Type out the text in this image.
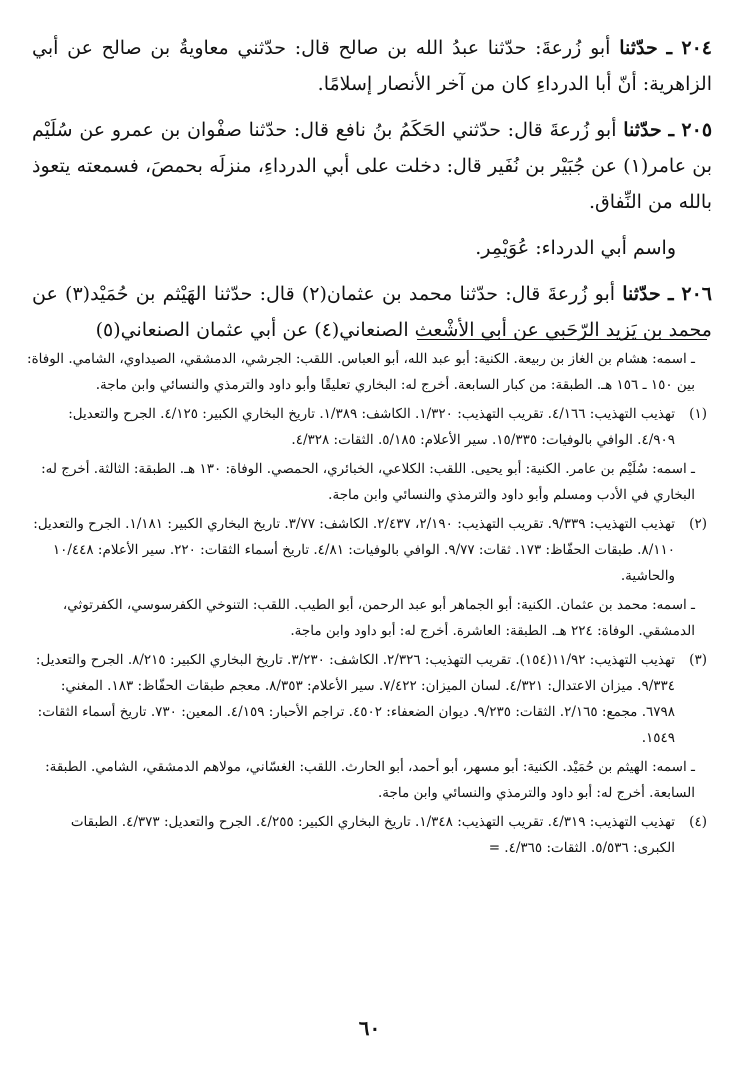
٢٠٤ ـ حدّثنا أبو زُرعةَ: حدّثنا عبدُ الله بن صالح قال: حدّثني معاويةُ بن صالح عن أبي الزاهرية: أنّ أبا الدرداءِ كان من آخر الأنصار إسلامًا.

٢٠٥ ـ حدّثنا أبو زُرعةَ قال: حدّثني الحَكَمُ بنُ نافع قال: حدّثنا صفْوان بن عمرو عن سُلَيْم بن عامر(١) عن جُبَيْر بن نُفَير قال: دخلت على أبي الدرداءِ، منزلَه بحمصَ، فسمعته يتعوذ بالله من النِّفاق.

واسم أبي الدرداء: عُوَيْمِر.

٢٠٦ ـ حدّثنا أبو زُرعةَ قال: حدّثنا محمد بن عثمان(٢) قال: حدّثنا الهَيْثم بن حُمَيْد(٣) عن محمد بن يَزيد الرّحَبي عن أبي الأشْعث الصنعاني(٤) عن أبي عثمان الصنعاني(٥)

ـ اسمه: هشام بن الغاز بن ربيعة. الكنية: أبو عبد الله، أبو العباس. اللقب: الجرشي، الدمشقي، الصيداوي، الشامي. الوفاة: بين ١٥٠ ـ ١٥٦ هـ. الطبقة: من كبار السابعة. أخرج له: البخاري تعليقًا وأبو داود والترمذي والنسائي وابن ماجة.
(١)
تهذيب التهذيب: ٤/١٦٦. تقريب التهذيب: ١/٣٢٠. الكاشف: ١/٣٨٩. تاريخ البخاري الكبير: ٤/١٢٥. الجرح والتعديل: ٤/٩٠٩. الوافي بالوفيات: ١٥/٣٣٥. سير الأعلام: ٥/١٨٥. الثقات: ٤/٣٢٨.
ـ اسمه: سُلَيْم بن عامر. الكنية: أبو يحيى. اللقب: الكلاعي، الخبائري، الحمصي. الوفاة: ١٣٠ هـ. الطبقة: الثالثة. أخرج له: البخاري في الأدب ومسلم وأبو داود والترمذي والنسائي وابن ماجة.
(٢)
تهذيب التهذيب: ٩/٣٣٩. تقريب التهذيب: ٢/١٩٠، ٢/٤٣٧. الكاشف: ٣/٧٧. تاريخ البخاري الكبير: ١/١٨١. الجرح والتعديل: ٨/١١٠. طبقات الحفّاظ: ١٧٣. ثقات: ٩/٧٧. الوافي بالوفيات: ٤/٨١. تاريخ أسماء الثقات: ٢٢٠. سير الأعلام: ١٠/٤٤٨ والحاشية.
ـ اسمه: محمد بن عثمان. الكنية: أبو الجماهر أبو عبد الرحمن، أبو الطيب. اللقب: التنوخي الكفرسوسي، الكفرتوثي، الدمشقي. الوفاة: ٢٢٤ هـ. الطبقة: العاشرة. أخرج له: أبو داود وابن ماجة.
(٣)
تهذيب التهذيب: ١١/٩٢(١٥٤). تقريب التهذيب: ٢/٣٢٦. الكاشف: ٣/٢٣٠. تاريخ البخاري الكبير: ٨/٢١٥. الجرح والتعديل: ٩/٣٣٤. ميزان الاعتدال: ٤/٣٢١. لسان الميزان: ٧/٤٢٢. سير الأعلام: ٨/٣٥٣. معجم طبقات الحفّاظ: ١٨٣. المغني: ٦٧٩٨. مجمع: ٢/١٦٥. الثقات: ٩/٢٣٥. ديوان الضعفاء: ٤٥٠٢. تراجم الأحبار: ٤/١٥٩. المعين: ٧٣٠. تاريخ أسماء الثقات: ١٥٤٩.
ـ اسمه: الهيثم بن حُمَيْد. الكنية: أبو مسهر، أبو أحمد، أبو الحارث. اللقب: الغسّاني، مولاهم الدمشقي، الشامي. الطبقة: السابعة. أخرج له: أبو داود والترمذي والنسائي وابن ماجة.
(٤)
تهذيب التهذيب: ٤/٣١٩. تقريب التهذيب: ١/٣٤٨. تاريخ البخاري الكبير: ٤/٢٥٥. الجرح والتعديل: ٤/٣٧٣. الطبقات الكبرى: ٥/٥٣٦. الثقات: ٤/٣٦٥. =
٦٠
